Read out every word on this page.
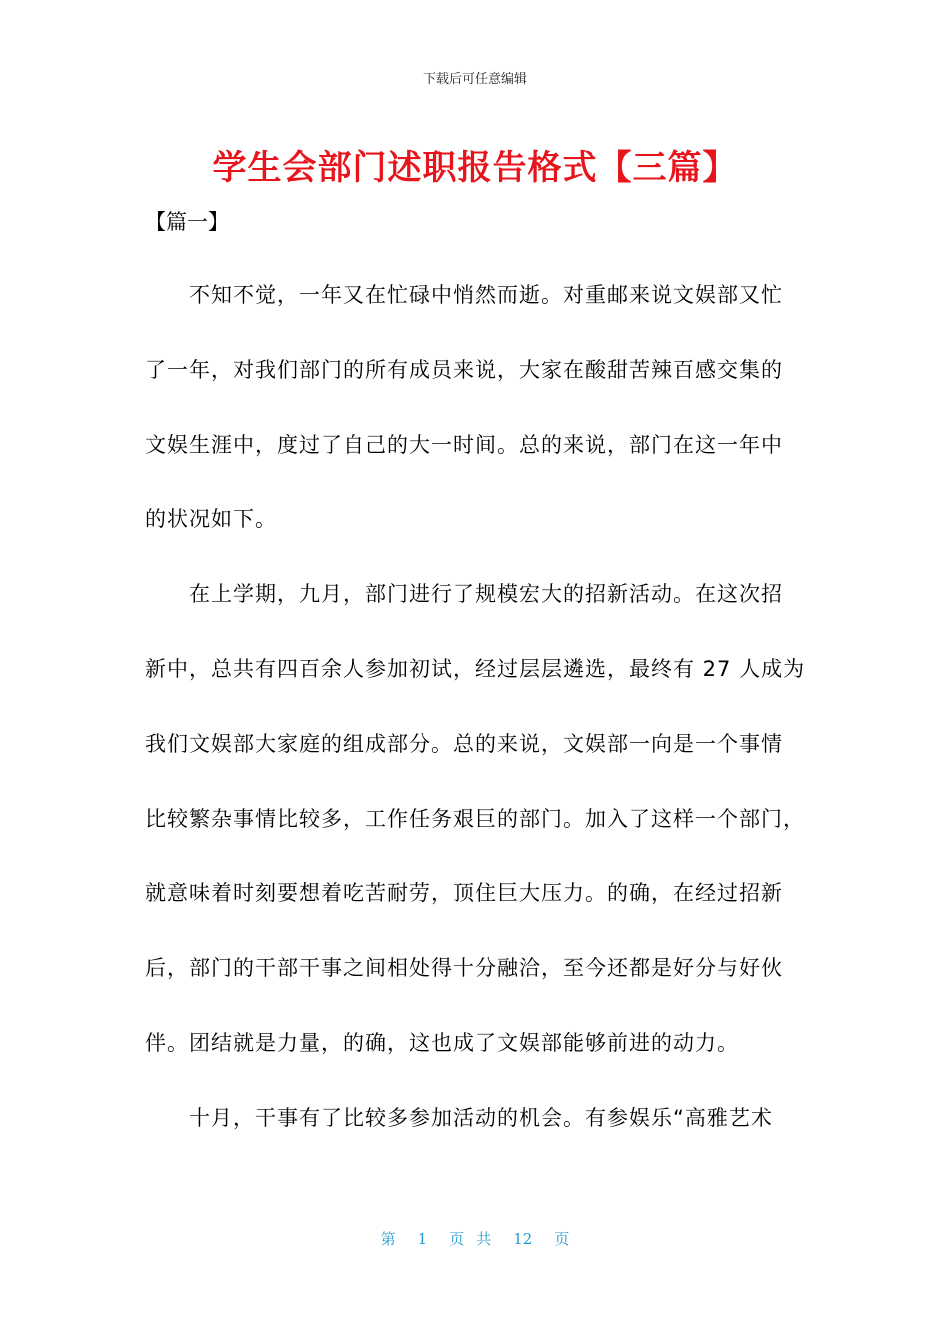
下载后可任意编辑
学生会部门述职报告格式【三篇】
【篇一】
不知不觉，一年又在忙碌中悄然而逝。对重邮来说文娱部又忙
了一年，对我们部门的所有成员来说，大家在酸甜苦辣百感交集的
文娱生涯中，度过了自己的大一时间。总的来说，部门在这一年中
的状况如下。
在上学期，九月，部门进行了规模宏大的招新活动。在这次招
新中，总共有四百余人参加初试，经过层层遴选，最终有 27 人成为
我们文娱部大家庭的组成部分。总的来说，文娱部一向是一个事情
比较繁杂事情比较多，工作任务艰巨的部门。加入了这样一个部门，
就意味着时刻要想着吃苦耐劳，顶住巨大压力。的确，在经过招新
后，部门的干部干事之间相处得十分融洽，至今还都是好分与好伙
伴。团结就是力量，的确，这也成了文娱部能够前进的动力。
十月，干事有了比较多参加活动的机会。有参娱乐“高雅艺术
第 1 页 共 12 页
